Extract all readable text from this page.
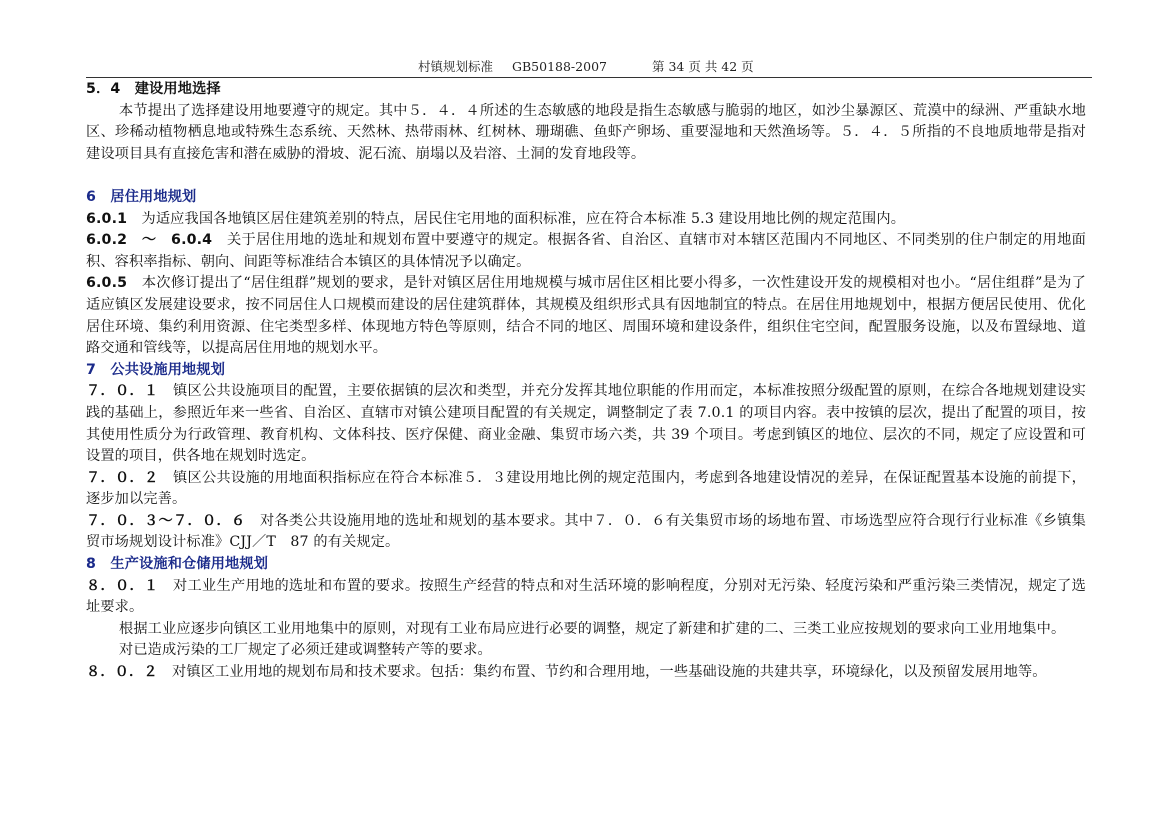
村镇规划标准 GB50188-2007	第 34 页 共 42 页

5．4　建设用地选择

本节提出了选择建设用地要遵守的规定。其中５．４．４所述的生态敏感的地段是指生态敏感与脆弱的地区，如沙尘暴源区、荒漠中的绿洲、严重缺水地区、珍稀动植物栖息地或特殊生态系统、天然林、热带雨林、红树林、珊瑚礁、鱼虾产卵场、重要湿地和天然渔场等。５．４．５所指的不良地质地带是指对建设项目具有直接危害和潜在威胁的滑坡、泥石流、崩塌以及岩溶、土洞的发育地段等。

6　居住用地规划

6.0.1　为适应我国各地镇区居住建筑差别的特点，居民住宅用地的面积标准，应在符合本标准 5.3 建设用地比例的规定范围内。

6.0.2　～　6.0.4　关于居住用地的选址和规划布置中要遵守的规定。根据各省、自治区、直辖市对本辖区范围内不同地区、不同类别的住户制定的用地面积、容积率指标、朝向、间距等标准结合本镇区的具体情况予以确定。

6.0.5　本次修订提出了“居住组群”规划的要求，是针对镇区居住用地规模与城市居住区相比要小得多，一次性建设开发的规模相对也小。“居住组群”是为了适应镇区发展建设要求，按不同居住人口规模而建设的居住建筑群体，其规模及组织形式具有因地制宜的特点。在居住用地规划中，根据方便居民使用、优化居住环境、集约利用资源、住宅类型多样、体现地方特色等原则，结合不同的地区、周围环境和建设条件，组织住宅空间，配置服务设施，以及布置绿地、道路交通和管线等，以提高居住用地的规划水平。

7　公共设施用地规划

７．０．１　镇区公共设施项目的配置，主要依据镇的层次和类型，并充分发挥其地位职能的作用而定，本标准按照分级配置的原则，在综合各地规划建设实践的基础上，参照近年来一些省、自治区、直辖市对镇公建项目配置的有关规定，调整制定了表 7.0.1 的项目内容。表中按镇的层次，提出了配置的项目，按其使用性质分为行政管理、教育机构、文体科技、医疗保健、商业金融、集贸市场六类，共 39 个项目。考虑到镇区的地位、层次的不同，规定了应设置和可设置的项目，供各地在规划时选定。

７．０．２　镇区公共设施的用地面积指标应在符合本标准５．３建设用地比例的规定范围内，考虑到各地建设情况的差异，在保证配置基本设施的前提下，逐步加以完善。

７．０．３～７．０．６　对各类公共设施用地的选址和规划的基本要求。其中７．０．６有关集贸市场的场地布置、市场选型应符合现行行业标准《乡镇集贸市场规划设计标准》CJJ／T　87 的有关规定。

8　生产设施和仓储用地规划

８．０．１　对工业生产用地的选址和布置的要求。按照生产经营的特点和对生活环境的影响程度，分别对无污染、轻度污染和严重污染三类情况，规定了选址要求。

根据工业应逐步向镇区工业用地集中的原则，对现有工业布局应进行必要的调整，规定了新建和扩建的二、三类工业应按规划的要求向工业用地集中。

对已造成污染的工厂规定了必须迁建或调整转产等的要求。

８．０．２　对镇区工业用地的规划布局和技术要求。包括：集约布置、节约和合理用地，一些基础设施的共建共享，环境绿化，以及预留发展用地等。
